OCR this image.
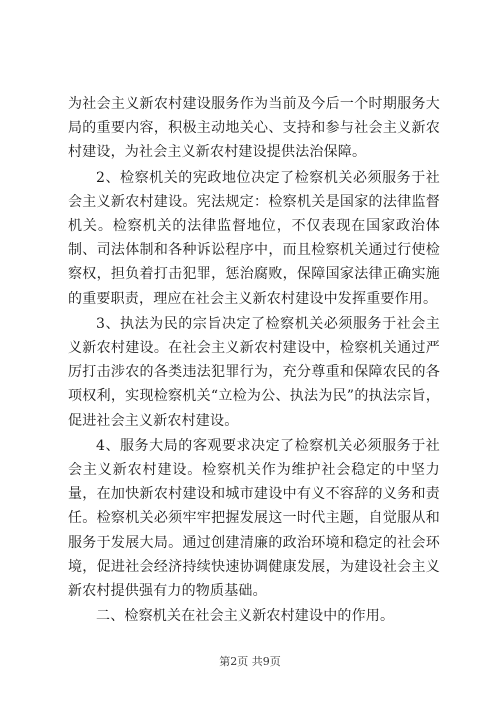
为社会主义新农村建设服务作为当前及今后一个时期服务大局的重要内容，积极主动地关心、支持和参与社会主义新农村建设，为社会主义新农村建设提供法治保障。

2、检察机关的宪政地位决定了检察机关必须服务于社会主义新农村建设。宪法规定：检察机关是国家的法律监督机关。检察机关的法律监督地位，不仅表现在国家政治体制、司法体制和各种诉讼程序中，而且检察机关通过行使检察权，担负着打击犯罪，惩治腐败，保障国家法律正确实施的重要职责，理应在社会主义新农村建设中发挥重要作用。

3、执法为民的宗旨决定了检察机关必须服务于社会主义新农村建设。在社会主义新农村建设中，检察机关通过严厉打击涉农的各类违法犯罪行为，充分尊重和保障农民的各项权利，实现检察机关“立检为公、执法为民”的执法宗旨，促进社会主义新农村建设。

4、服务大局的客观要求决定了检察机关必须服务于社会主义新农村建设。检察机关作为维护社会稳定的中坚力量，在加快新农村建设和城市建设中有义不容辞的义务和责任。检察机关必须牢牢把握发展这一时代主题，自觉服从和服务于发展大局。通过创建清廉的政治环境和稳定的社会环境，促进社会经济持续快速协调健康发展，为建设社会主义新农村提供强有力的物质基础。

二、检察机关在社会主义新农村建设中的作用。

第2页 共9页
